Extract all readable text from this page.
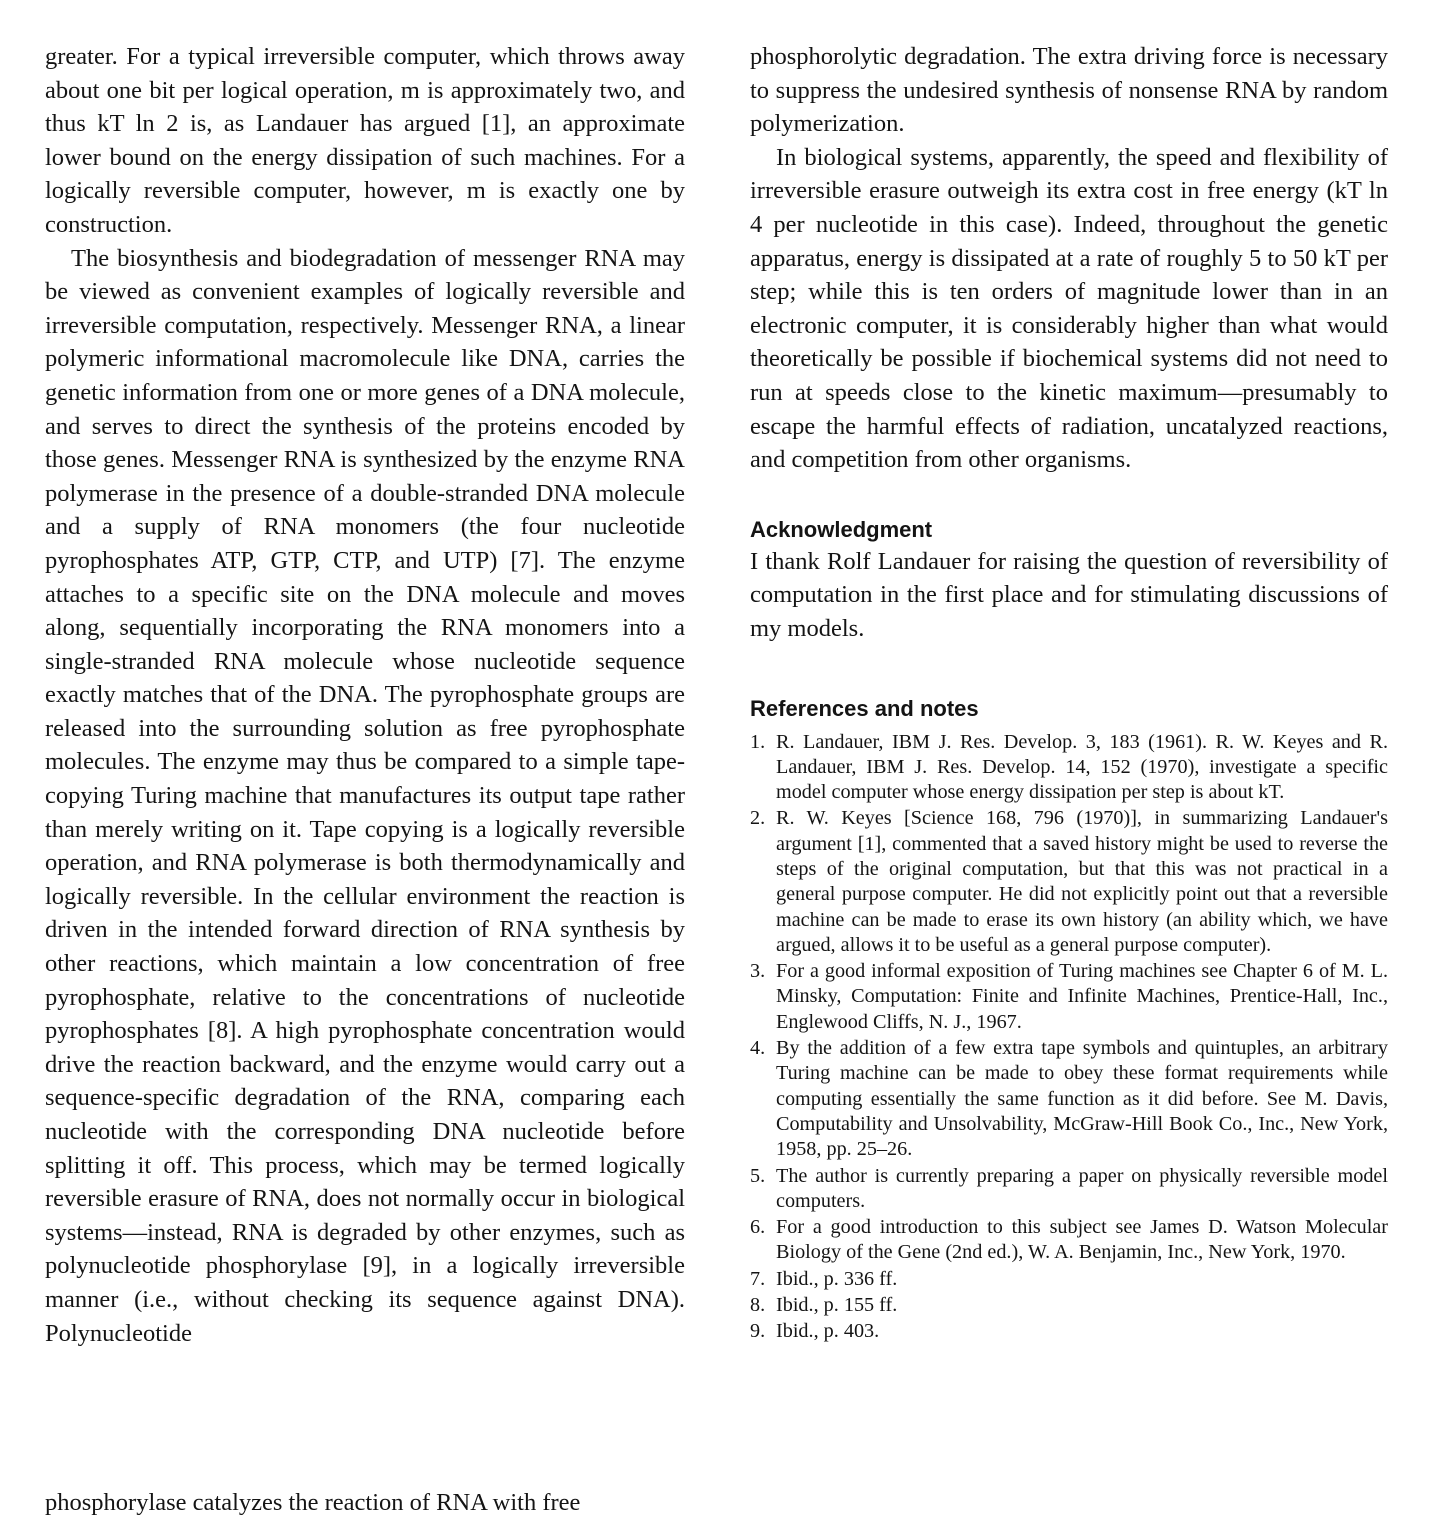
greater. For a typical irreversible computer, which throws away about one bit per logical operation, m is approximately two, and thus kT ln 2 is, as Landauer has argued [1], an approximate lower bound on the energy dissipation of such machines. For a logically reversible computer, however, m is exactly one by construction.

The biosynthesis and biodegradation of messenger RNA may be viewed as convenient examples of logically reversible and irreversible computation, respectively. Messenger RNA, a linear polymeric informational macromolecule like DNA, carries the genetic information from one or more genes of a DNA molecule, and serves to direct the synthesis of the proteins encoded by those genes. Messenger RNA is synthesized by the enzyme RNA polymerase in the presence of a double-stranded DNA molecule and a supply of RNA monomers (the four nucleotide pyrophosphates ATP, GTP, CTP, and UTP) [7]. The enzyme attaches to a specific site on the DNA molecule and moves along, sequentially incorporating the RNA monomers into a single-stranded RNA molecule whose nucleotide sequence exactly matches that of the DNA. The pyrophosphate groups are released into the surrounding solution as free pyrophosphate molecules. The enzyme may thus be compared to a simple tape-copying Turing machine that manufactures its output tape rather than merely writing on it. Tape copying is a logically reversible operation, and RNA polymerase is both thermodynamically and logically reversible. In the cellular environment the reaction is driven in the intended forward direction of RNA synthesis by other reactions, which maintain a low concentration of free pyrophosphate, relative to the concentrations of nucleotide pyrophosphates [8]. A high pyrophosphate concentration would drive the reaction backward, and the enzyme would carry out a sequence-specific degradation of the RNA, comparing each nucleotide with the corresponding DNA nucleotide before splitting it off. This process, which may be termed logically reversible erasure of RNA, does not normally occur in biological systems—instead, RNA is degraded by other enzymes, such as polynucleotide phosphorylase [9], in a logically irreversible manner (i.e., without checking its sequence against DNA). Polynucleotide

phosphorylase catalyzes the reaction of RNA with free

phosphorolytic degradation. The extra driving force is necessary to suppress the undesired synthesis of nonsense RNA by random polymerization.

In biological systems, apparently, the speed and flexibility of irreversible erasure outweigh its extra cost in free energy (kT ln 4 per nucleotide in this case). Indeed, throughout the genetic apparatus, energy is dissipated at a rate of roughly 5 to 50 kT per step; while this is ten orders of magnitude lower than in an electronic computer, it is considerably higher than what would theoretically be possible if biochemical systems did not need to run at speeds close to the kinetic maximum—presumably to escape the harmful effects of radiation, uncatalyzed reactions, and competition from other organisms.

Acknowledgment

I thank Rolf Landauer for raising the question of reversibility of computation in the first place and for stimulating discussions of my models.

References and notes
1. R. Landauer, IBM J. Res. Develop. 3, 183 (1961). R. W. Keyes and R. Landauer, IBM J. Res. Develop. 14, 152 (1970), investigate a specific model computer whose energy dissipation per step is about kT.
2. R. W. Keyes [Science 168, 796 (1970)], in summarizing Landauer's argument [1], commented that a saved history might be used to reverse the steps of the original computation, but that this was not practical in a general purpose computer. He did not explicitly point out that a reversible machine can be made to erase its own history (an ability which, we have argued, allows it to be useful as a general purpose computer).
3. For a good informal exposition of Turing machines see Chapter 6 of M. L. Minsky, Computation: Finite and Infinite Machines, Prentice-Hall, Inc., Englewood Cliffs, N. J., 1967.
4. By the addition of a few extra tape symbols and quintuples, an arbitrary Turing machine can be made to obey these format requirements while computing essentially the same function as it did before. See M. Davis, Computability and Unsolvability, McGraw-Hill Book Co., Inc., New York, 1958, pp. 25–26.
5. The author is currently preparing a paper on physically reversible model computers.
6. For a good introduction to this subject see James D. Watson Molecular Biology of the Gene (2nd ed.), W. A. Benjamin, Inc., New York, 1970.
7. Ibid., p. 336 ff.
8. Ibid., p. 155 ff.
9. Ibid., p. 403.
